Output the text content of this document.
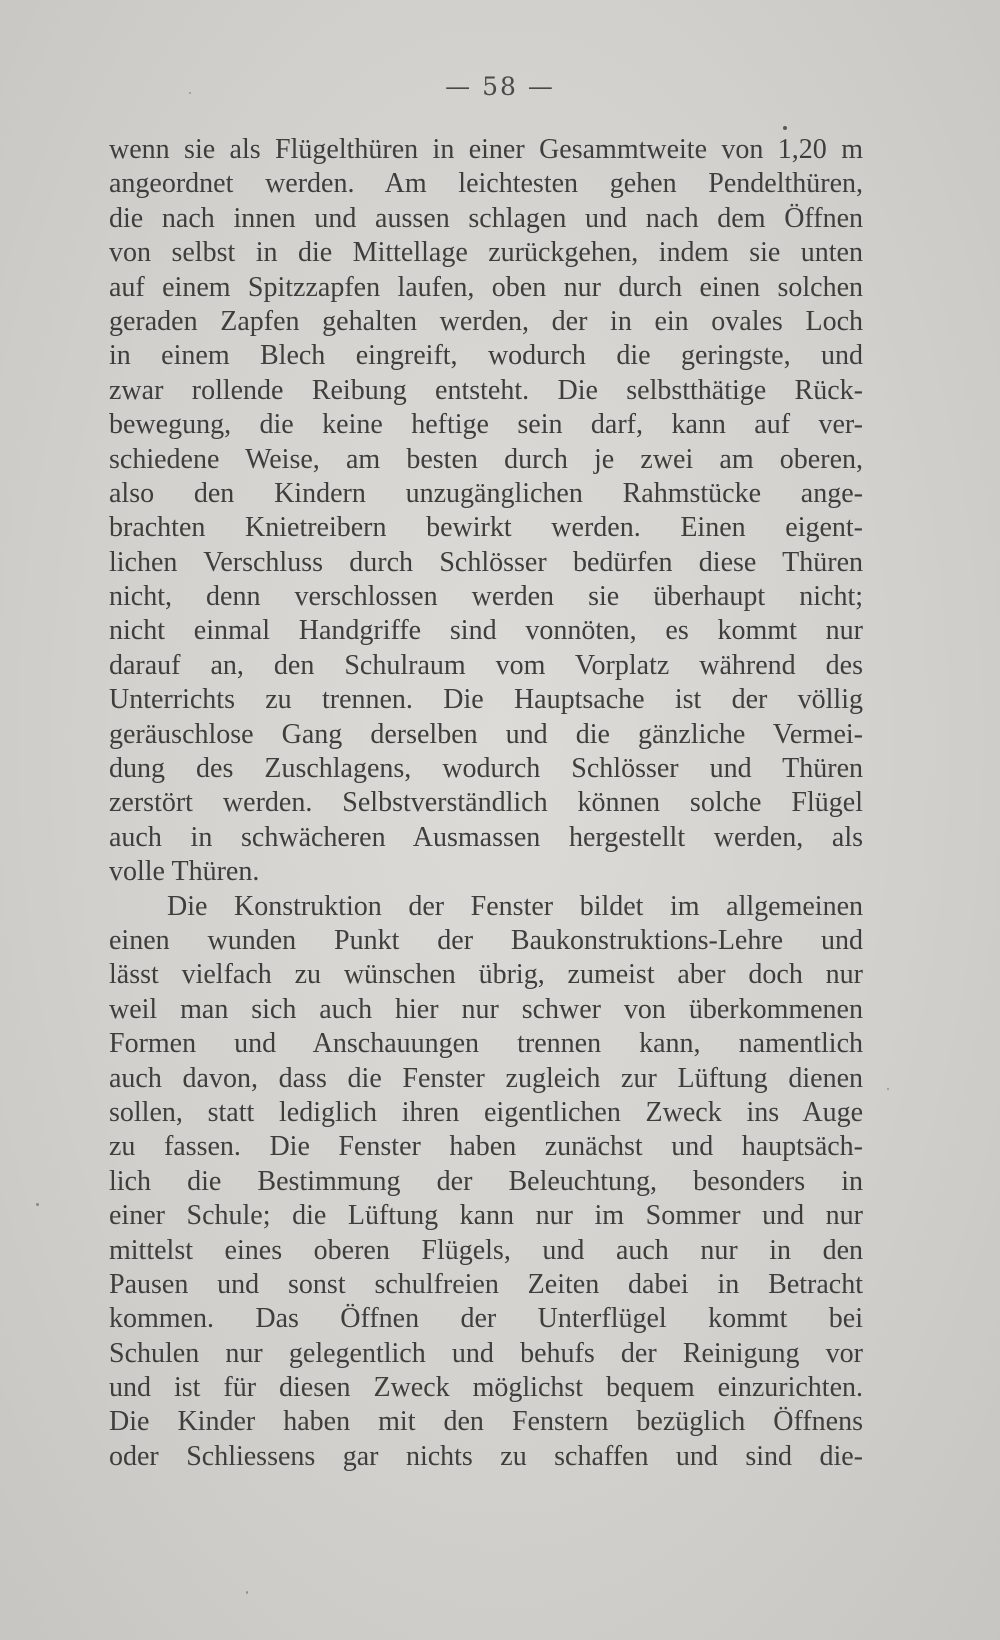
— 58 —
wenn sie als Flügelthüren in einer Gesammtweite von 1,20 m
angeordnet werden. Am leichtesten gehen Pendelthüren,
die nach innen und aussen schlagen und nach dem Öffnen
von selbst in die Mittellage zurückgehen, indem sie unten
auf einem Spitzzapfen laufen, oben nur durch einen solchen
geraden Zapfen gehalten werden, der in ein ovales Loch
in einem Blech eingreift, wodurch die geringste, und
zwar rollende Reibung entsteht. Die selbstthätige Rück-
bewegung, die keine heftige sein darf, kann auf ver-
schiedene Weise, am besten durch je zwei am oberen,
also den Kindern unzugänglichen Rahmstücke ange-
brachten Knietreibern bewirkt werden. Einen eigent-
lichen Verschluss durch Schlösser bedürfen diese Thüren
nicht, denn verschlossen werden sie überhaupt nicht;
nicht einmal Handgriffe sind vonnöten, es kommt nur
darauf an, den Schulraum vom Vorplatz während des
Unterrichts zu trennen. Die Hauptsache ist der völlig
geräuschlose Gang derselben und die gänzliche Vermei-
dung des Zuschlagens, wodurch Schlösser und Thüren
zerstört werden. Selbstverständlich können solche Flügel
auch in schwächeren Ausmassen hergestellt werden, als
volle Thüren.
Die Konstruktion der Fenster bildet im allgemeinen
einen wunden Punkt der Baukonstruktions-Lehre und
lässt vielfach zu wünschen übrig, zumeist aber doch nur
weil man sich auch hier nur schwer von überkommenen
Formen und Anschauungen trennen kann, namentlich
auch davon, dass die Fenster zugleich zur Lüftung dienen
sollen, statt lediglich ihren eigentlichen Zweck ins Auge
zu fassen. Die Fenster haben zunächst und hauptsäch-
lich die Bestimmung der Beleuchtung, besonders in
einer Schule; die Lüftung kann nur im Sommer und nur
mittelst eines oberen Flügels, und auch nur in den
Pausen und sonst schulfreien Zeiten dabei in Betracht
kommen. Das Öffnen der Unterflügel kommt bei
Schulen nur gelegentlich und behufs der Reinigung vor
und ist für diesen Zweck möglichst bequem einzurichten.
Die Kinder haben mit den Fenstern bezüglich Öffnens
oder Schliessens gar nichts zu schaffen und sind die-
